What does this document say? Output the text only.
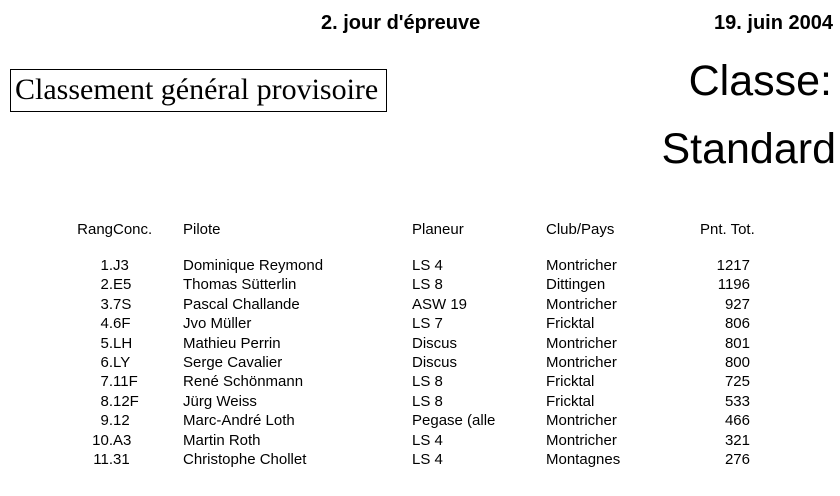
2. jour d'épreuve	19. juin 2004
Classement général provisoire	Classe:
Standard
Rang	Conc.	Pilote	Planeur	Club/Pays	Pnt. Tot.
1.	J3	Dominique Reymond	LS 4	Montricher	1217
2.	E5	Thomas Sütterlin	LS 8	Dittingen	1196
3.	7S	Pascal Challande	ASW 19	Montricher	927
4.	6F	Jvo Müller	LS 7	Fricktal	806
5.	LH	Mathieu Perrin	Discus	Montricher	801
6.	LY	Serge Cavalier	Discus	Montricher	800
7.	11F	René Schönmann	LS 8	Fricktal	725
8.	12F	Jürg Weiss	LS 8	Fricktal	533
9.	12	Marc-André Loth	Pegase (alle	Montricher	466
10.	A3	Martin Roth	LS 4	Montricher	321
11.	31	Christophe Chollet	LS 4	Montagnes	276
